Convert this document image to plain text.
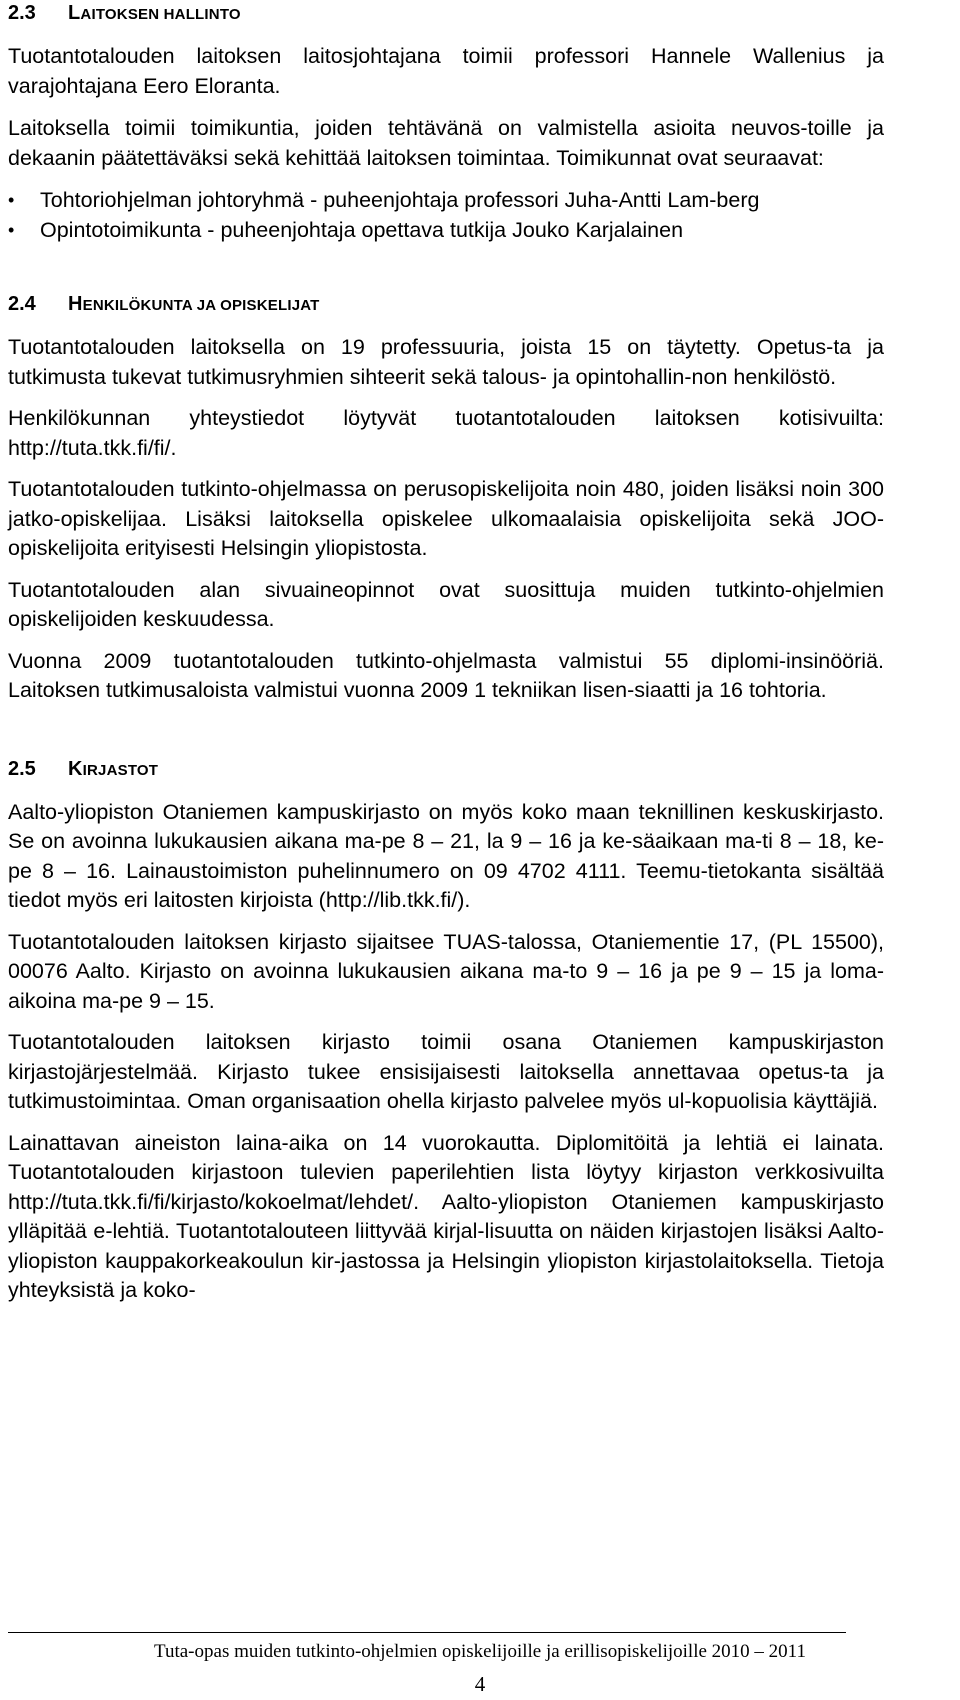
2.3	LAITOKSEN HALLINTO

Tuotantotalouden laitoksen laitosjohtajana toimii professori Hannele Wallenius ja varajohtajana Eero Eloranta.

Laitoksella toimii toimikuntia, joiden tehtävänä on valmistella asioita neuvos-toille ja dekaanin päätettäväksi sekä kehittää laitoksen toimintaa. Toimikunnat ovat seuraavat:

•	Tohtoriohjelman johtoryhmä - puheenjohtaja professori Juha-Antti Lam-berg
•	Opintotoimikunta - puheenjohtaja opettava tutkija Jouko Karjalainen
2.4	HENKILÖKUNTA JA OPISKELIJAT

Tuotantotalouden laitoksella on 19 professuuria, joista 15 on täytetty. Opetus-ta ja tutkimusta tukevat tutkimusryhmien sihteerit sekä talous- ja opintohallin-non henkilöstö.

Henkilökunnan yhteystiedot löytyvät tuotantotalouden laitoksen kotisivuilta: http://tuta.tkk.fi/fi/.

Tuotantotalouden tutkinto-ohjelmassa on perusopiskelijoita noin 480, joiden lisäksi noin 300 jatko-opiskelijaa. Lisäksi laitoksella opiskelee ulkomaalaisia opiskelijoita sekä JOO-opiskelijoita erityisesti Helsingin yliopistosta.

Tuotantotalouden alan sivuaineopinnot ovat suosittuja muiden tutkinto-ohjelmien opiskelijoiden keskuudessa.

Vuonna 2009 tuotantotalouden tutkinto-ohjelmasta valmistui 55 diplomi-insinööriä. Laitoksen tutkimusaloista valmistui vuonna 2009 1 tekniikan lisen-siaatti ja 16 tohtoria.

2.5	KIRJASTOT

Aalto-yliopiston Otaniemen kampuskirjasto on myös koko maan teknillinen keskuskirjasto. Se on avoinna lukukausien aikana ma-pe 8 – 21, la 9 – 16 ja ke-säaikaan ma-ti 8 – 18, ke-pe 8 – 16. Lainaustoimiston puhelinnumero on 09 4702 4111. Teemu-tietokanta sisältää tiedot myös eri laitosten kirjoista (http://lib.tkk.fi/).

Tuotantotalouden laitoksen kirjasto sijaitsee TUAS-talossa, Otaniementie 17, (PL 15500), 00076 Aalto. Kirjasto on avoinna lukukausien aikana ma-to 9 – 16 ja pe 9 – 15 ja loma-aikoina ma-pe 9 – 15.

Tuotantotalouden laitoksen kirjasto toimii osana Otaniemen kampuskirjaston kirjastojärjestelmää. Kirjasto tukee ensisijaisesti laitoksella annettavaa opetus-ta ja tutkimustoimintaa. Oman organisaation ohella kirjasto palvelee myös ul-kopuolisia käyttäjiä.

Lainattavan aineiston laina-aika on 14 vuorokautta. Diplomitöitä ja lehtiä ei lainata. Tuotantotalouden kirjastoon tulevien paperilehtien lista löytyy kirjaston verkkosivuilta http://tuta.tkk.fi/fi/kirjasto/kokoelmat/lehdet/. Aalto-yliopiston Otaniemen kampuskirjasto ylläpitää e-lehtiä. Tuotantotalouteen liittyvää kirjal-lisuutta on näiden kirjastojen lisäksi Aalto-yliopiston kauppakorkeakoulun kir-jastossa ja Helsingin yliopiston kirjastolaitoksella. Tietoja yhteyksistä ja koko-

Tuta-opas muiden tutkinto-ohjelmien opiskelijoille ja erillisopiskelijoille 2010 – 2011
4
